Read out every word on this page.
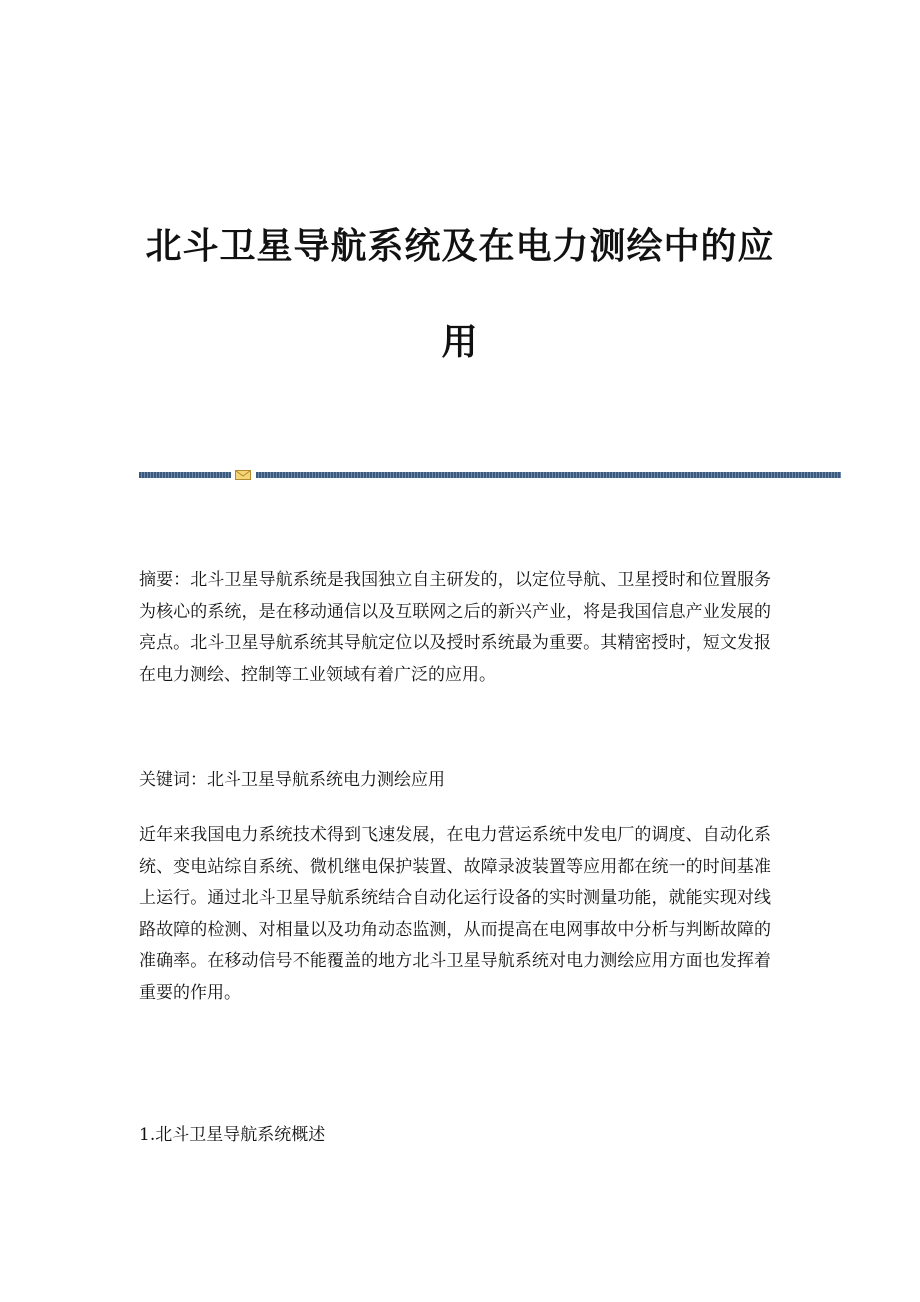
北斗卫星导航系统及在电力测绘中的应
用

摘要：北斗卫星导航系统是我国独立自主研发的，以定位导航、卫星授时和位置服务为核心的系统，是在移动通信以及互联网之后的新兴产业，将是我国信息产业发展的亮点。北斗卫星导航系统其导航定位以及授时系统最为重要。其精密授时，短文发报在电力测绘、控制等工业领域有着广泛的应用。

关键词：北斗卫星导航系统电力测绘应用

近年来我国电力系统技术得到飞速发展，在电力营运系统中发电厂的调度、自动化系统、变电站综自系统、微机继电保护装置、故障录波装置等应用都在统一的时间基准上运行。通过北斗卫星导航系统结合自动化运行设备的实时测量功能，就能实现对线路故障的检测、对相量以及功角动态监测，从而提高在电网事故中分析与判断故障的准确率。在移动信号不能覆盖的地方北斗卫星导航系统对电力测绘应用方面也发挥着重要的作用。

1.北斗卫星导航系统概述
